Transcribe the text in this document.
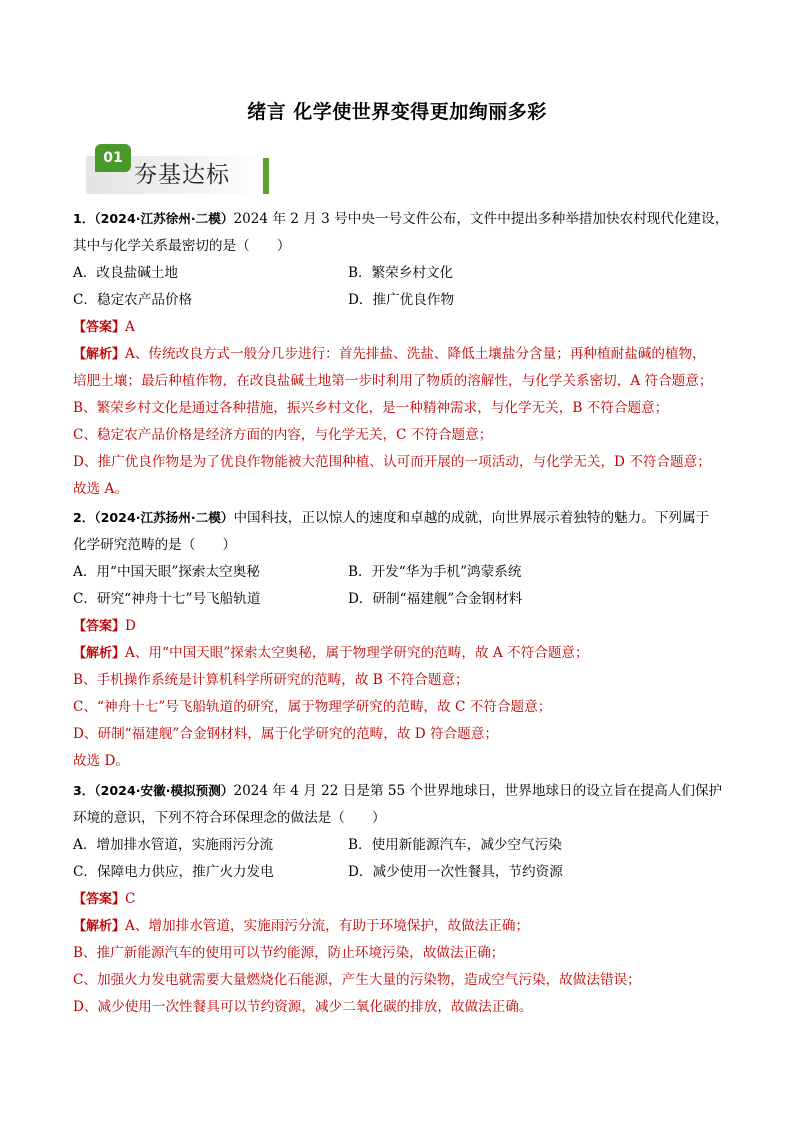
绪言 化学使世界变得更加绚丽多彩
01
夯基达标
1．（2024·江苏徐州·二模）2024 年 2 月 3 号中央一号文件公布，文件中提出多种举措加快农村现代化建设，
其中与化学关系最密切的是（　　）
A．改良盐碱土地	B．繁荣乡村文化
C．稳定农产品价格	D．推广优良作物
【答案】A
【解析】A、传统改良方式一般分几步进行：首先排盐、洗盐、降低土壤盐分含量；再种植耐盐碱的植物，
培肥土壤；最后种植作物，在改良盐碱土地第一步时利用了物质的溶解性，与化学关系密切，A 符合题意；
B、繁荣乡村文化是通过各种措施，振兴乡村文化，是一种精神需求，与化学无关，B 不符合题意；
C、稳定农产品价格是经济方面的内容，与化学无关，C 不符合题意；
D、推广优良作物是为了优良作物能被大范围种植、认可而开展的一项活动，与化学无关，D 不符合题意；
故选 A。
2．（2024·江苏扬州·二模）中国科技，正以惊人的速度和卓越的成就，向世界展示着独特的魅力。下列属于
化学研究范畴的是（　　）
A．用“中国天眼”探索太空奥秘	B．开发“华为手机”鸿蒙系统
C．研究“神舟十七”号飞船轨道	D．研制“福建舰”合金钢材料
【答案】D
【解析】A、用“中国天眼”探索太空奥秘，属于物理学研究的范畴，故 A 不符合题意；
B、手机操作系统是计算机科学所研究的范畴，故 B 不符合题意；
C、“神舟十七”号飞船轨道的研究，属于物理学研究的范畴，故 C 不符合题意；
D、研制“福建舰”合金钢材料，属于化学研究的范畴，故 D 符合题意；
故选 D。
3．（2024·安徽·模拟预测）2024 年 4 月 22 日是第 55 个世界地球日，世界地球日的设立旨在提高人们保护
环境的意识，下列不符合环保理念的做法是（　　）
A．增加排水管道，实施雨污分流	B．使用新能源汽车，减少空气污染
C．保障电力供应，推广火力发电	D．减少使用一次性餐具，节约资源
【答案】C
【解析】A、增加排水管道，实施雨污分流，有助于环境保护，故做法正确；
B、推广新能源汽车的使用可以节约能源，防止环境污染，故做法正确；
C、加强火力发电就需要大量燃烧化石能源，产生大量的污染物，造成空气污染，故做法错误；
D、减少使用一次性餐具可以节约资源，减少二氧化碳的排放，故做法正确。
